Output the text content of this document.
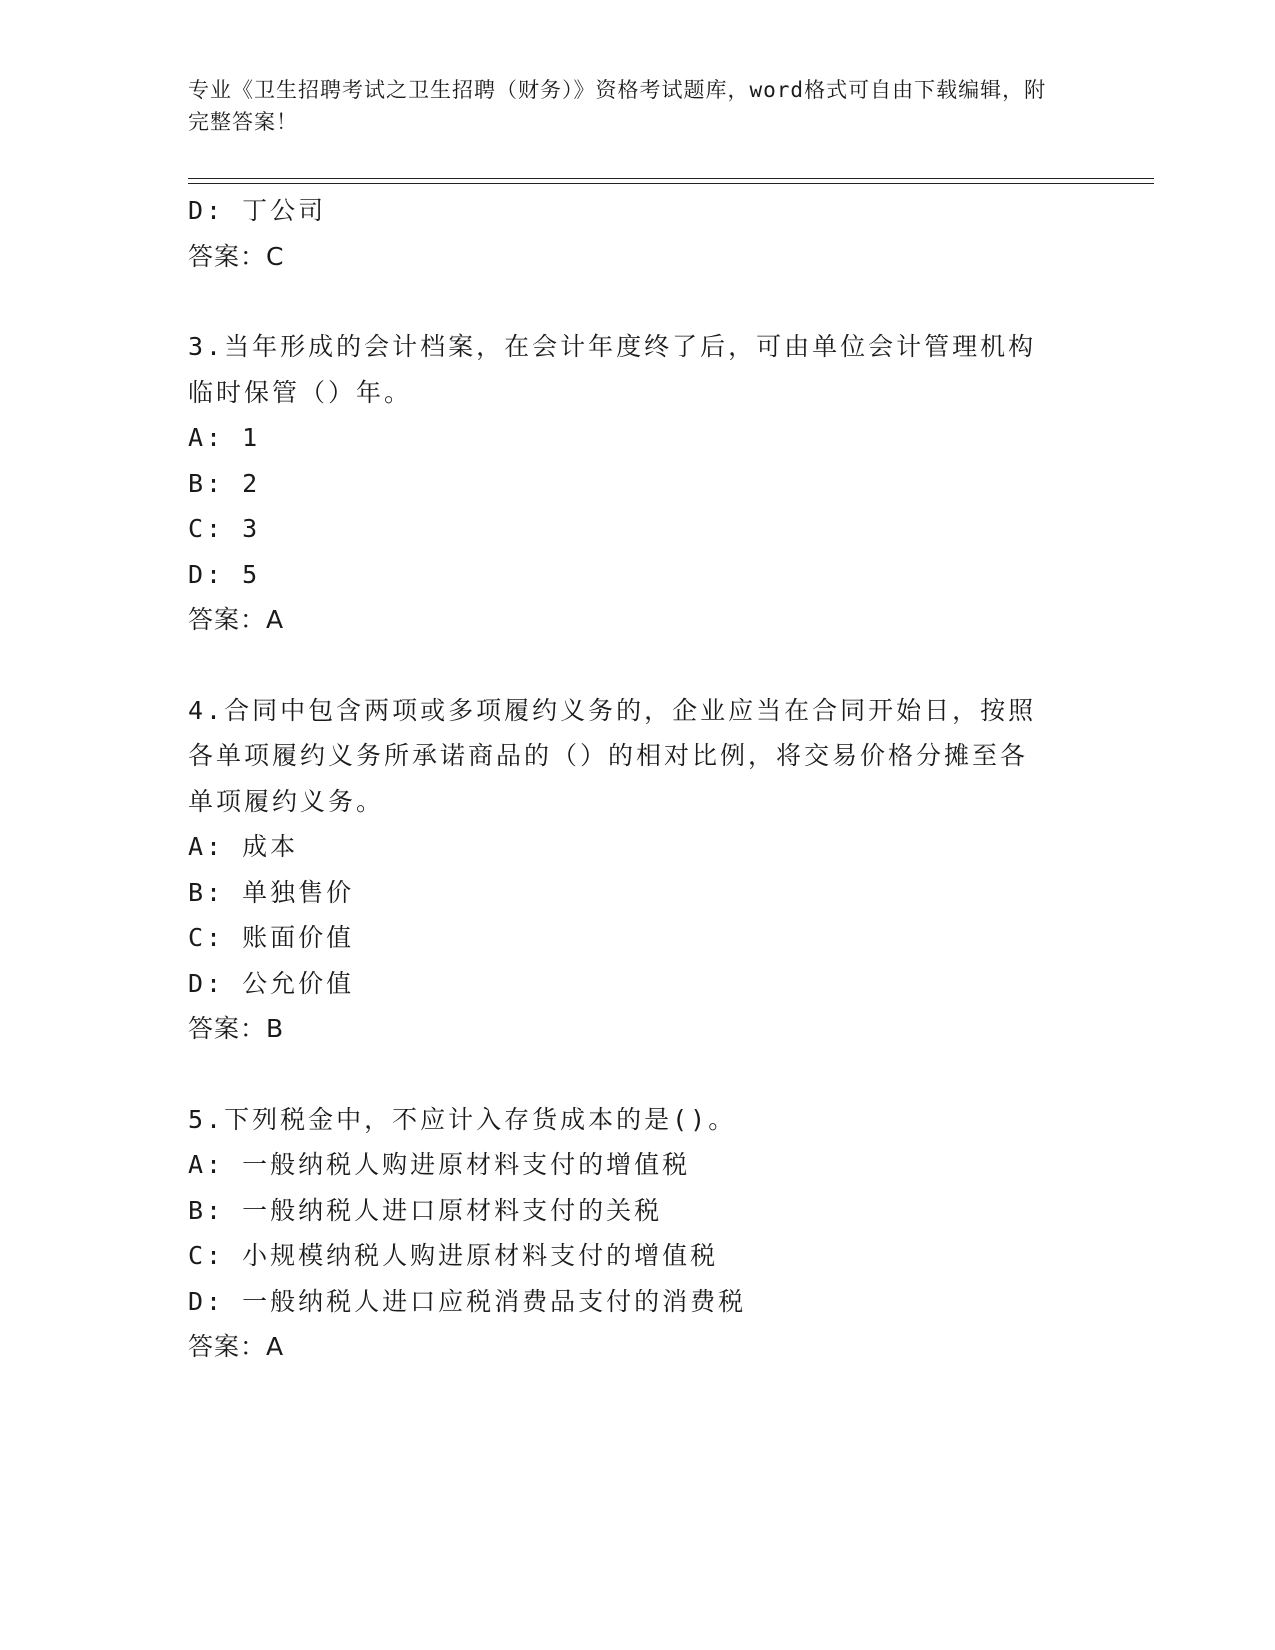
专业《卫生招聘考试之卫生招聘（财务）》资格考试题库，word格式可自由下载编辑，附完整答案！
D: 丁公司
答案：C
3.当年形成的会计档案，在会计年度终了后，可由单位会计管理机构
临时保管（）年。
A: 1
B: 2
C: 3
D: 5
答案：A
4.合同中包含两项或多项履约义务的，企业应当在合同开始日，按照
各单项履约义务所承诺商品的（）的相对比例，将交易价格分摊至各
单项履约义务。
A: 成本
B: 单独售价
C: 账面价值
D: 公允价值
答案：B
5.下列税金中，不应计入存货成本的是()。
A: 一般纳税人购进原材料支付的增值税
B: 一般纳税人进口原材料支付的关税
C: 小规模纳税人购进原材料支付的增值税
D: 一般纳税人进口应税消费品支付的消费税
答案：A
